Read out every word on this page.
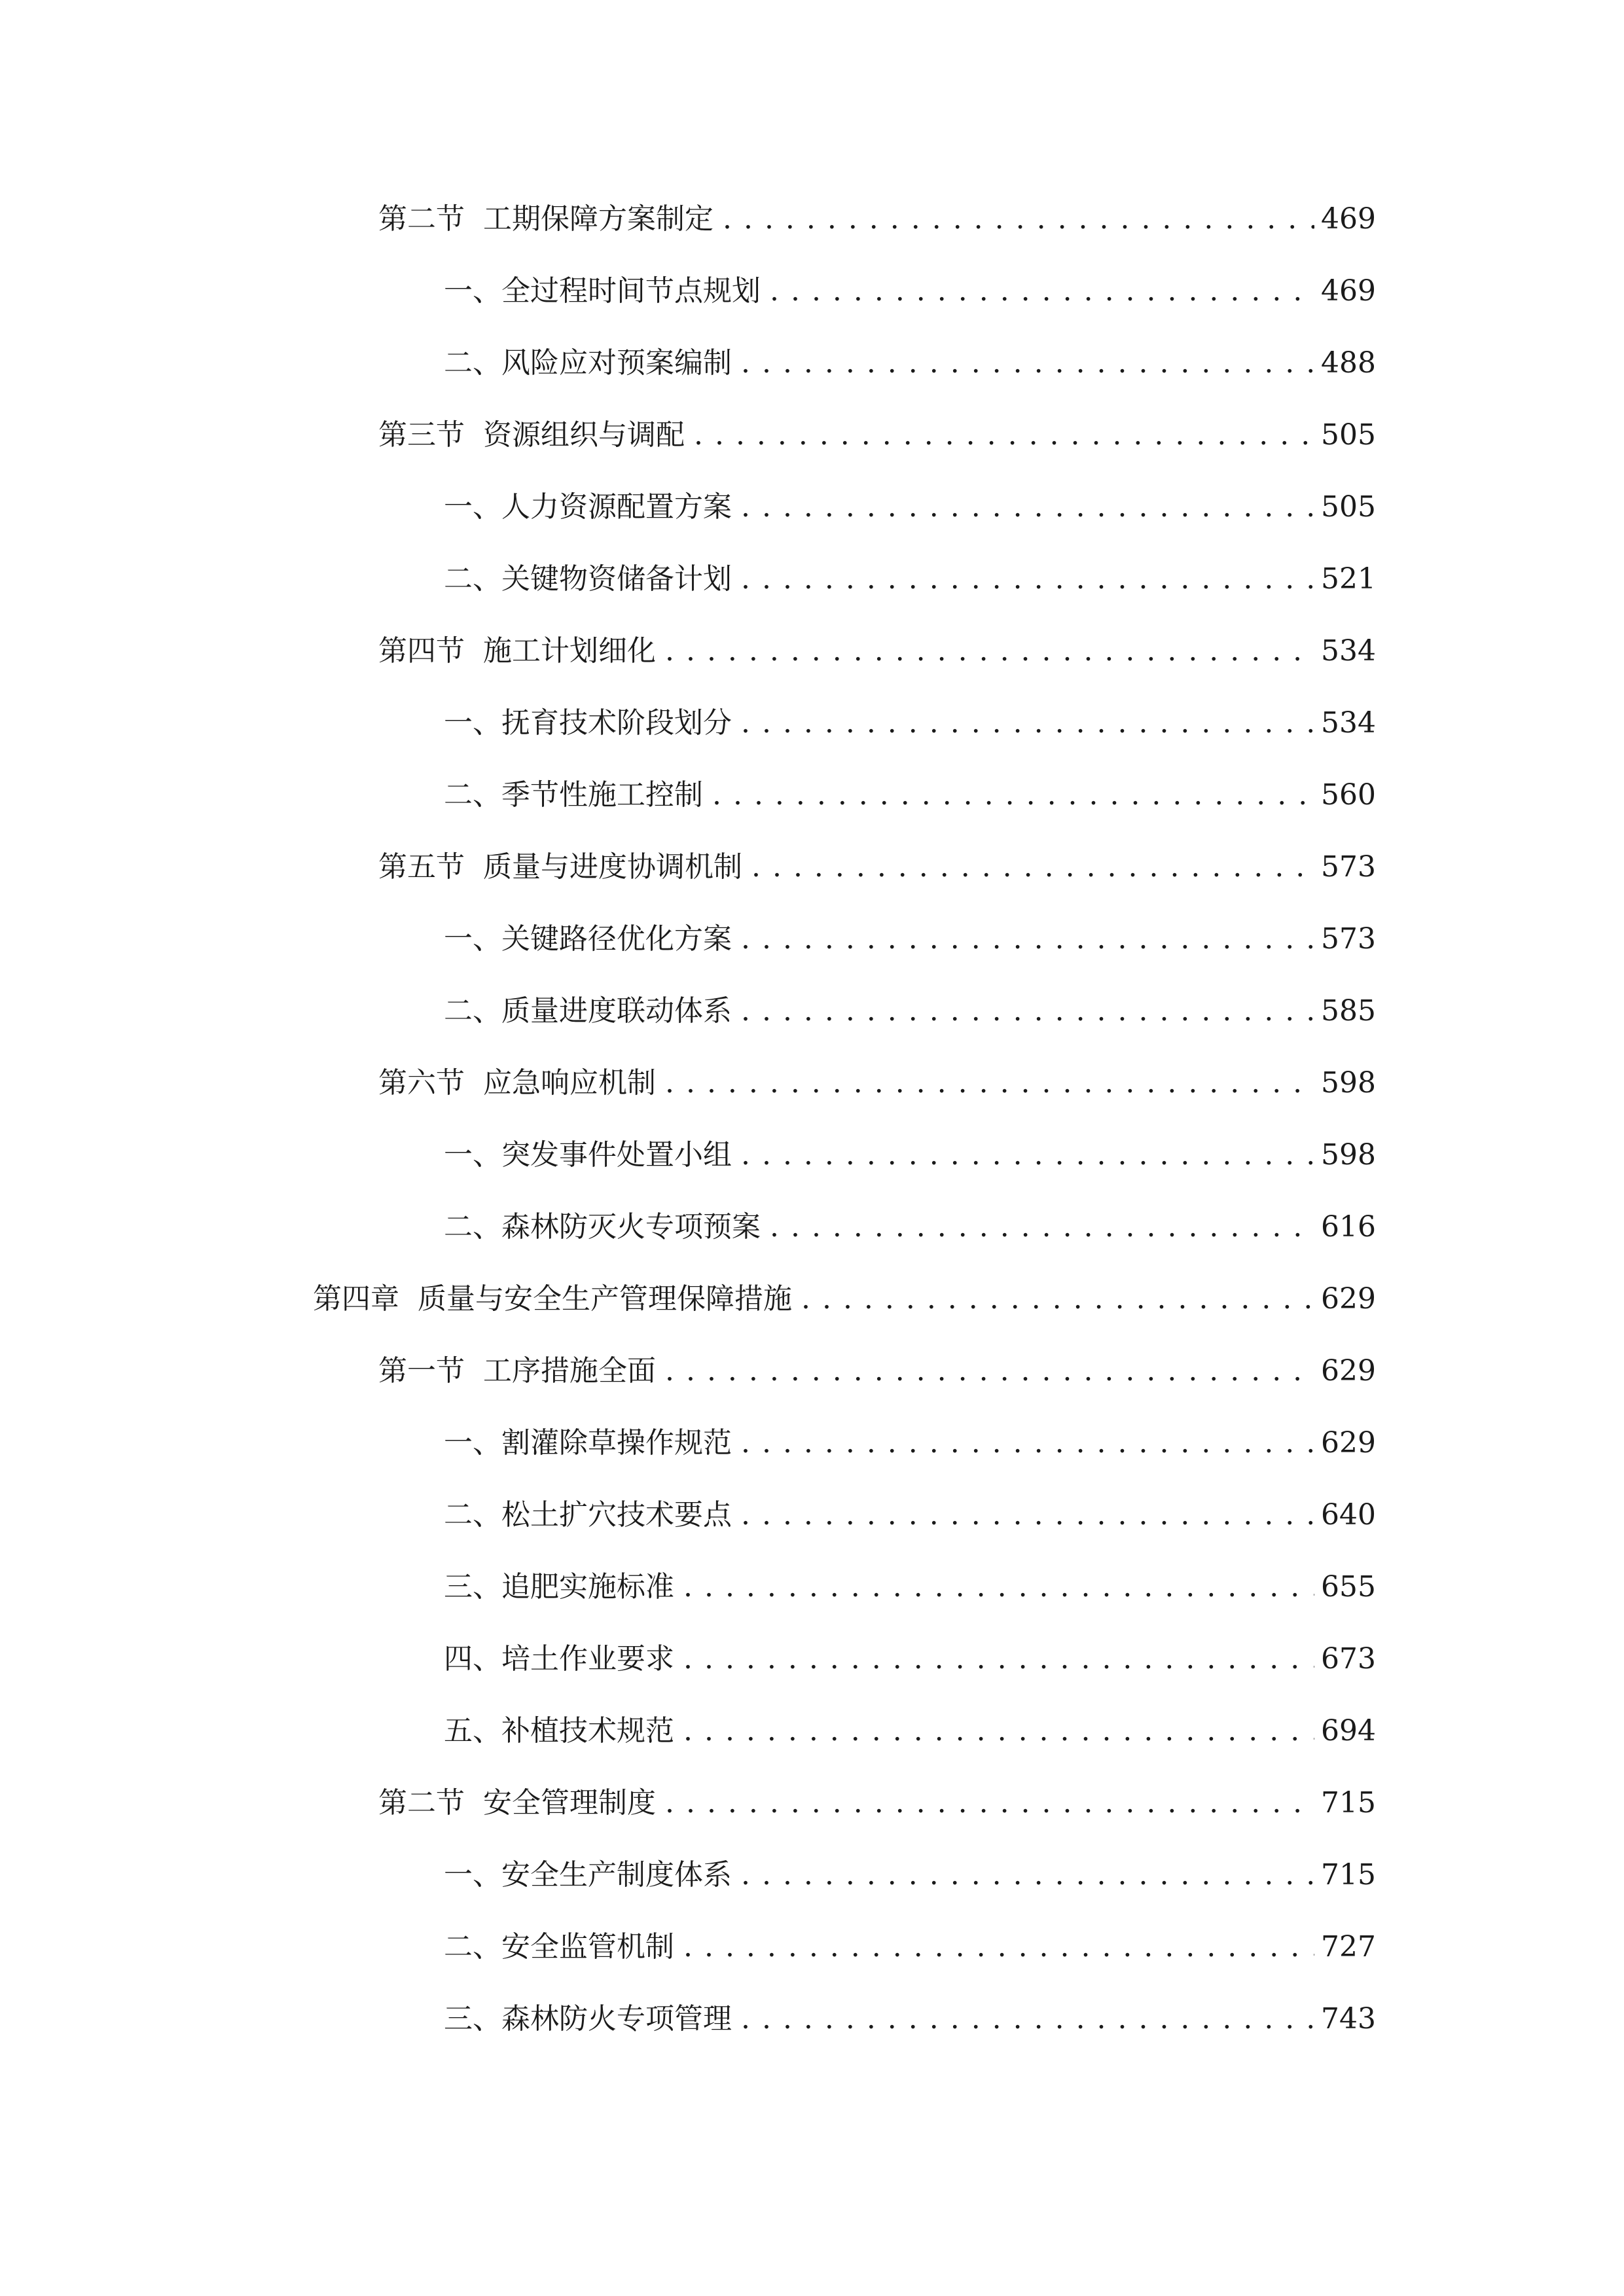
第二节 工期保障方案制定 . . .	469
一、 全过程时间节点规划 . . .	469
二、 风险应对预案编制 . . .	488
第三节 资源组织与调配 . . .	505
一、 人力资源配置方案 . . .	505
二、 关键物资储备计划 . . .	521
第四节 施工计划细化 . . .	534
一、 抚育技术阶段划分 . . .	534
二、 季节性施工控制 . . .	560
第五节 质量与进度协调机制 . . .	573
一、 关键路径优化方案 . . .	573
二、 质量进度联动体系 . . .	585
第六节 应急响应机制 . . .	598
一、 突发事件处置小组 . . .	598
二、 森林防灭火专项预案 . . .	616
第四章 质量与安全生产管理保障措施 . . .	629
第一节 工序措施全面 . . .	629
一、 割灌除草操作规范 . . .	629
二、 松土扩穴技术要点 . . .	640
三、 追肥实施标准 . . .	655
四、 培土作业要求 . . .	673
五、 补植技术规范 . . .	694
第二节 安全管理制度 . . .	715
一、 安全生产制度体系 . . .	715
二、 安全监管机制 . . .	727
三、 森林防火专项管理 . . .	743
